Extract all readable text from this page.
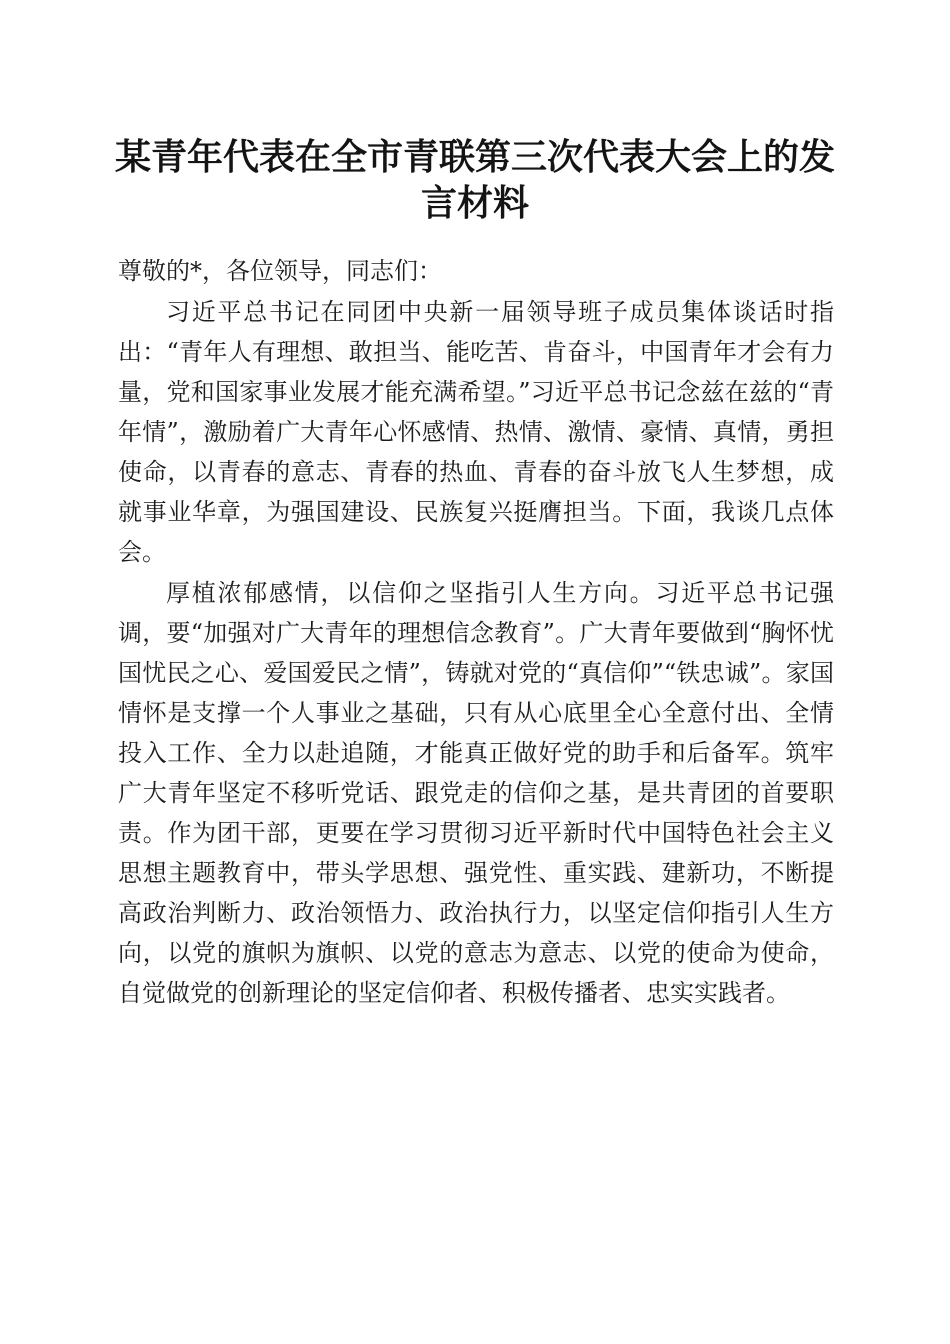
某青年代表在全市青联第三次代表大会上的发言材料

尊敬的*，各位领导，同志们：

习近平总书记在同团中央新一届领导班子成员集体谈话时指出：“青年人有理想、敢担当、能吃苦、肯奋斗，中国青年才会有力量，党和国家事业发展才能充满希望。”习近平总书记念兹在兹的“青年情”，激励着广大青年心怀感情、热情、激情、豪情、真情，勇担使命，以青春的意志、青春的热血、青春的奋斗放飞人生梦想，成就事业华章，为强国建设、民族复兴挺膺担当。下面，我谈几点体会。

厚植浓郁感情，以信仰之坚指引人生方向。习近平总书记强调，要“加强对广大青年的理想信念教育”。广大青年要做到“胸怀忧国忧民之心、爱国爱民之情”，铸就对党的“真信仰”“铁忠诚”。家国情怀是支撑一个人事业之基础，只有从心底里全心全意付出、全情投入工作、全力以赴追随，才能真正做好党的助手和后备军。筑牢广大青年坚定不移听党话、跟党走的信仰之基，是共青团的首要职责。作为团干部，更要在学习贯彻习近平新时代中国特色社会主义思想主题教育中，带头学思想、强党性、重实践、建新功，不断提高政治判断力、政治领悟力、政治执行力，以坚定信仰指引人生方向，以党的旗帜为旗帜、以党的意志为意志、以党的使命为使命，自觉做党的创新理论的坚定信仰者、积极传播者、忠实实践者。
